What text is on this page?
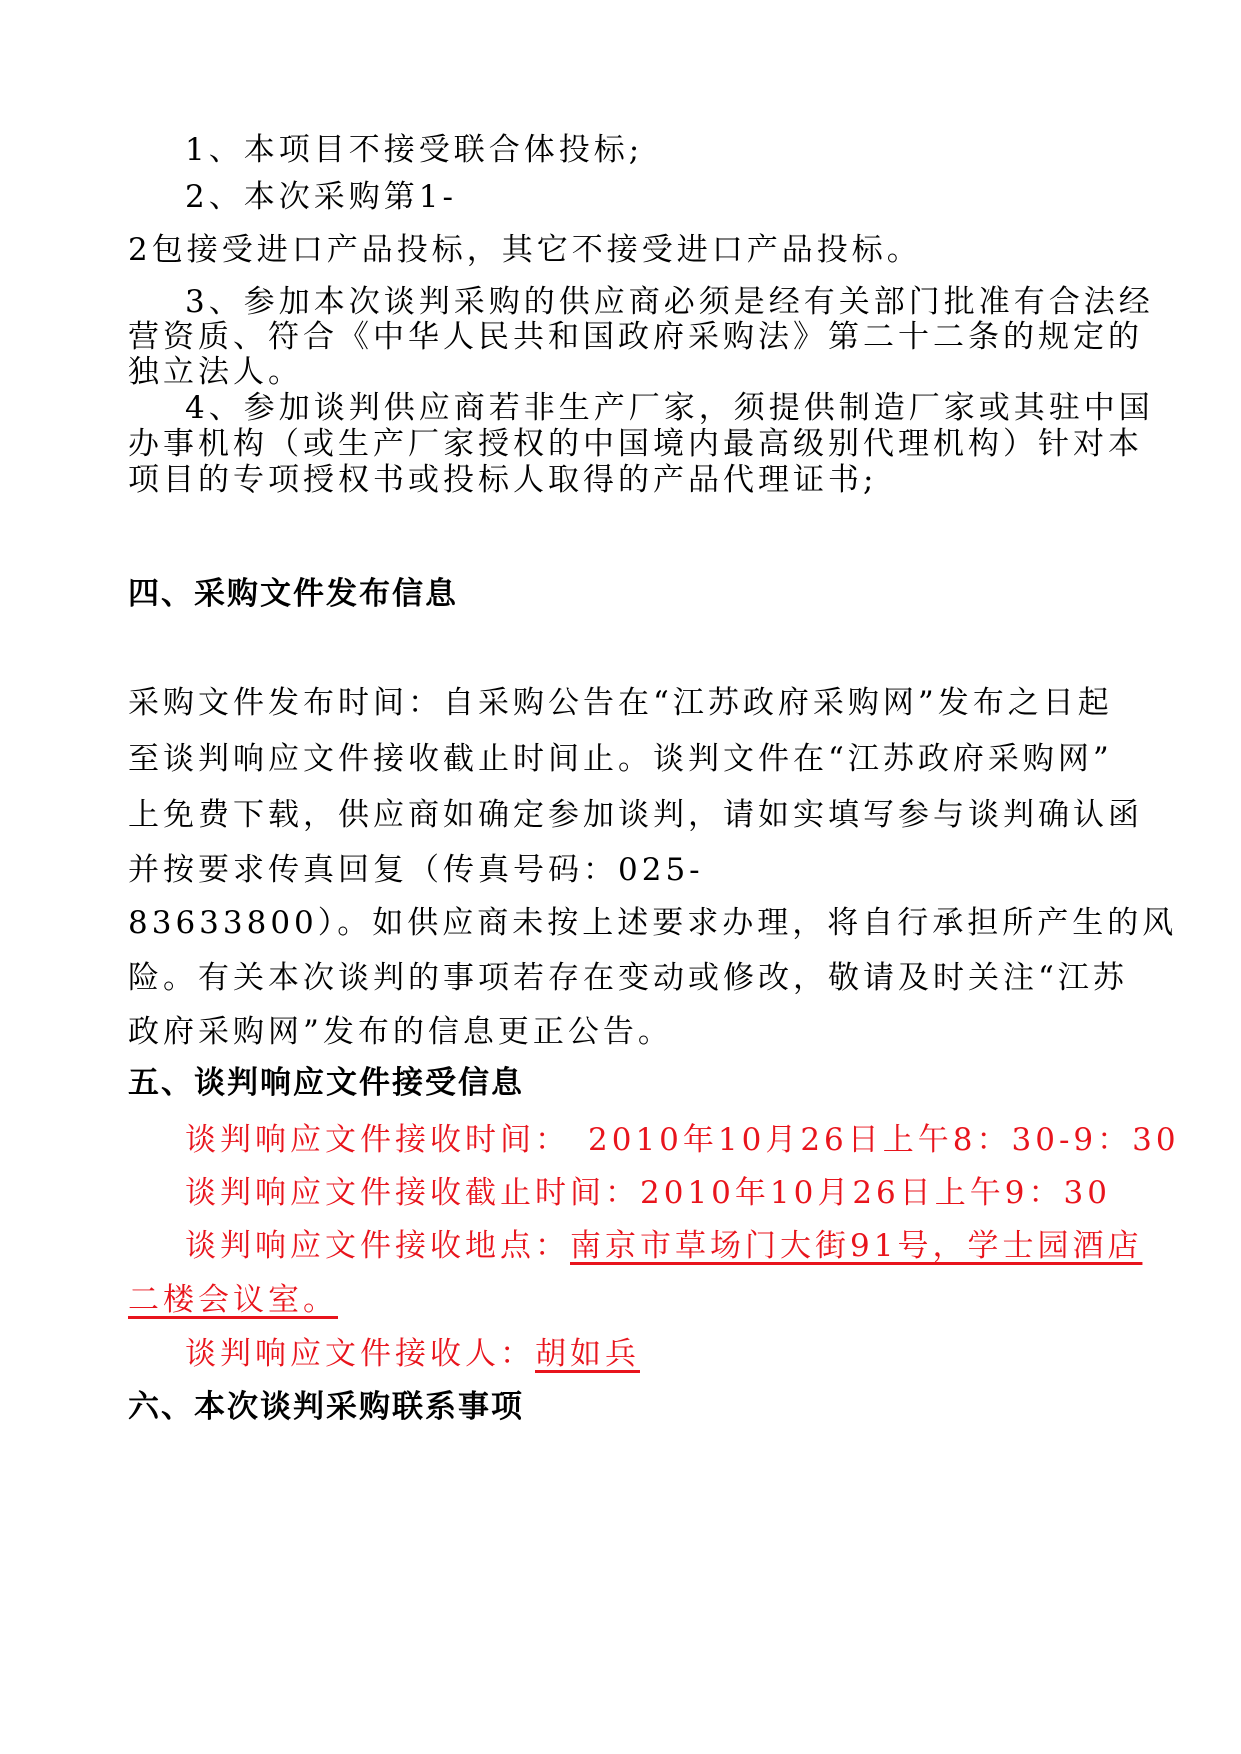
1、本项目不接受联合体投标;
2、本次采购第1-
2包接受进口产品投标，其它不接受进口产品投标。
3、参加本次谈判采购的供应商必须是经有关部门批准有合法经
营资质、符合《中华人民共和国政府采购法》第二十二条的规定的
独立法人。
4、参加谈判供应商若非生产厂家，须提供制造厂家或其驻中国
办事机构（或生产厂家授权的中国境内最高级别代理机构）针对本
项目的专项授权书或投标人取得的产品代理证书;
四、采购文件发布信息
采购文件发布时间：自采购公告在“江苏政府采购网”发布之日起
至谈判响应文件接收截止时间止。谈判文件在“江苏政府采购网”
上免费下载，供应商如确定参加谈判，请如实填写参与谈判确认函
并按要求传真回复（传真号码：025-
83633800）。如供应商未按上述要求办理，将自行承担所产生的风
险。有关本次谈判的事项若存在变动或修改，敬请及时关注“江苏
政府采购网”发布的信息更正公告。
五、谈判响应文件接受信息
谈判响应文件接收时间： 2010年10月26日上午8：30-9：30
谈判响应文件接收截止时间：2010年10月26日上午9：30
谈判响应文件接收地点：南京市草场门大街91号，学士园酒店
二楼会议室。
谈判响应文件接收人：胡如兵
六、本次谈判采购联系事项
